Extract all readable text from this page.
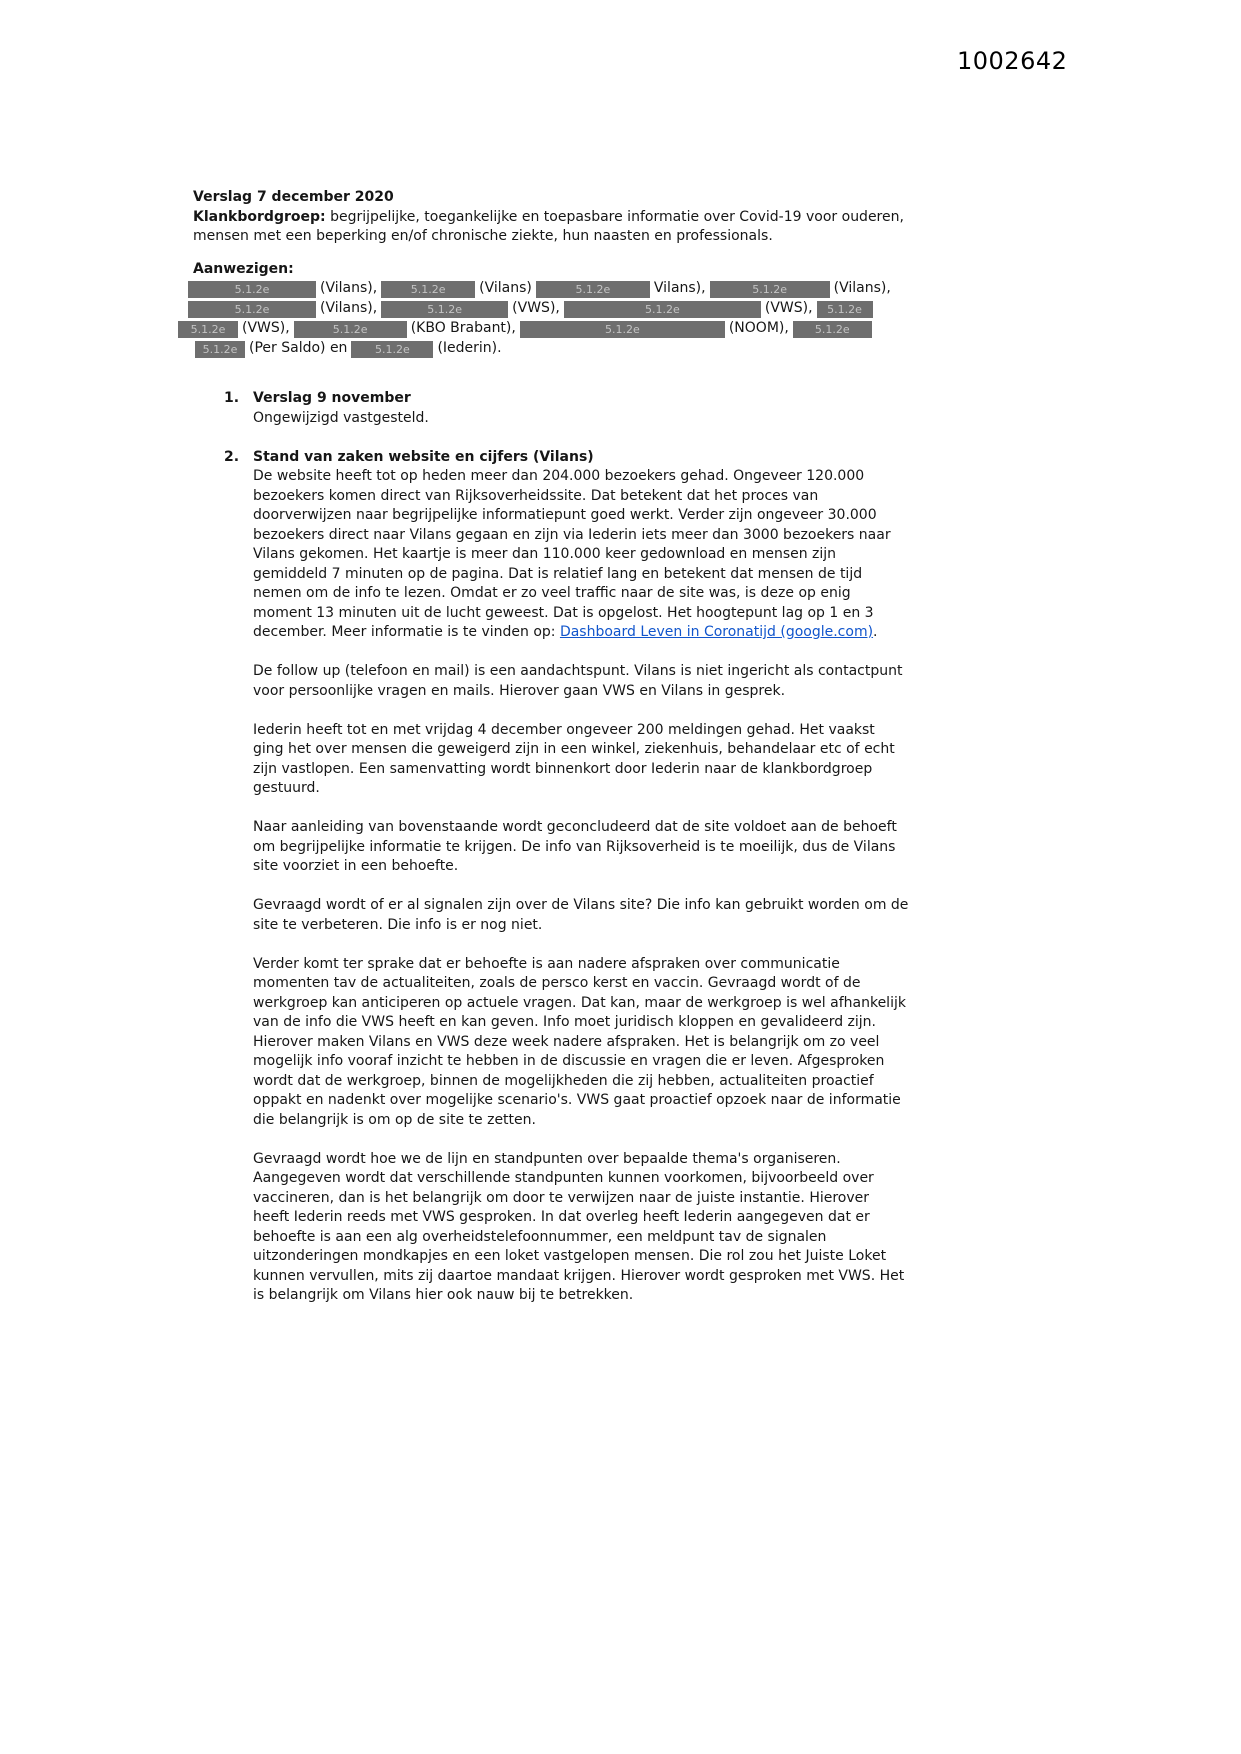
1002642

Verslag 7 december 2020

Klankbordgroep: begrijpelijke, toegankelijke en toepasbare informatie over Covid-19 voor ouderen, mensen met een beperking en/of chronische ziekte, hun naasten en professionals.

Aanwezigen:

5.1.2e	(Vilans),	5.1.2e	(Vilans)	5.1.2e	Vilans),	5.1.2e	(Vilans),
5.1.2e	(Vilans),	5.1.2e	(VWS),	5.1.2e	(VWS),	5.1.2e
5.1.2e	(VWS),	5.1.2e	(KBO Brabant),	5.1.2e	(NOOM),	5.1.2e
5.1.2e (Per Saldo) en	5.1.2e	(Iederin).
1. Verslag 9 november

Ongewijzigd vastgesteld.

2. Stand van zaken website en cijfers (Vilans)

De website heeft tot op heden meer dan 204.000 bezoekers gehad. Ongeveer 120.000 bezoekers komen direct van Rijksoverheidssite. Dat betekent dat het proces van doorverwijzen naar begrijpelijke informatiepunt goed werkt. Verder zijn ongeveer 30.000 bezoekers direct naar Vilans gegaan en zijn via Iederin iets meer dan 3000 bezoekers naar Vilans gekomen. Het kaartje is meer dan 110.000 keer gedownload en mensen zijn gemiddeld 7 minuten op de pagina. Dat is relatief lang en betekent dat mensen de tijd nemen om de info te lezen. Omdat er zo veel traffic naar de site was, is deze op enig moment 13 minuten uit de lucht geweest. Dat is opgelost. Het hoogtepunt lag op 1 en 3 december. Meer informatie is te vinden op: Dashboard Leven in Coronatijd (google.com).

De follow up (telefoon en mail) is een aandachtspunt. Vilans is niet ingericht als contactpunt voor persoonlijke vragen en mails. Hierover gaan VWS en Vilans in gesprek.

Iederin heeft tot en met vrijdag 4 december ongeveer 200 meldingen gehad. Het vaakst ging het over mensen die geweigerd zijn in een winkel, ziekenhuis, behandelaar etc of echt zijn vastlopen. Een samenvatting wordt binnenkort door Iederin naar de klankbordgroep gestuurd.

Naar aanleiding van bovenstaande wordt geconcludeerd dat de site voldoet aan de behoeft om begrijpelijke informatie te krijgen. De info van Rijksoverheid is te moeilijk, dus de Vilans site voorziet in een behoefte.

Gevraagd wordt of er al signalen zijn over de Vilans site? Die info kan gebruikt worden om de site te verbeteren. Die info is er nog niet.

Verder komt ter sprake dat er behoefte is aan nadere afspraken over communicatie momenten tav de actualiteiten, zoals de persco kerst en vaccin. Gevraagd wordt of de werkgroep kan anticiperen op actuele vragen. Dat kan, maar de werkgroep is wel afhankelijk van de info die VWS heeft en kan geven. Info moet juridisch kloppen en gevalideerd zijn. Hierover maken Vilans en VWS deze week nadere afspraken. Het is belangrijk om zo veel mogelijk info vooraf inzicht te hebben in de discussie en vragen die er leven. Afgesproken wordt dat de werkgroep, binnen de mogelijkheden die zij hebben, actualiteiten proactief oppakt en nadenkt over mogelijke scenario's. VWS gaat proactief opzoek naar de informatie die belangrijk is om op de site te zetten.

Gevraagd wordt hoe we de lijn en standpunten over bepaalde thema's organiseren. Aangegeven wordt dat verschillende standpunten kunnen voorkomen, bijvoorbeeld over vaccineren, dan is het belangrijk om door te verwijzen naar de juiste instantie. Hierover heeft Iederin reeds met VWS gesproken. In dat overleg heeft Iederin aangegeven dat er behoefte is aan een alg overheidstelefoonnummer, een meldpunt tav de signalen uitzonderingen mondkapjes en een loket vastgelopen mensen. Die rol zou het Juiste Loket kunnen vervullen, mits zij daartoe mandaat krijgen. Hierover wordt gesproken met VWS. Het is belangrijk om Vilans hier ook nauw bij te betrekken.
